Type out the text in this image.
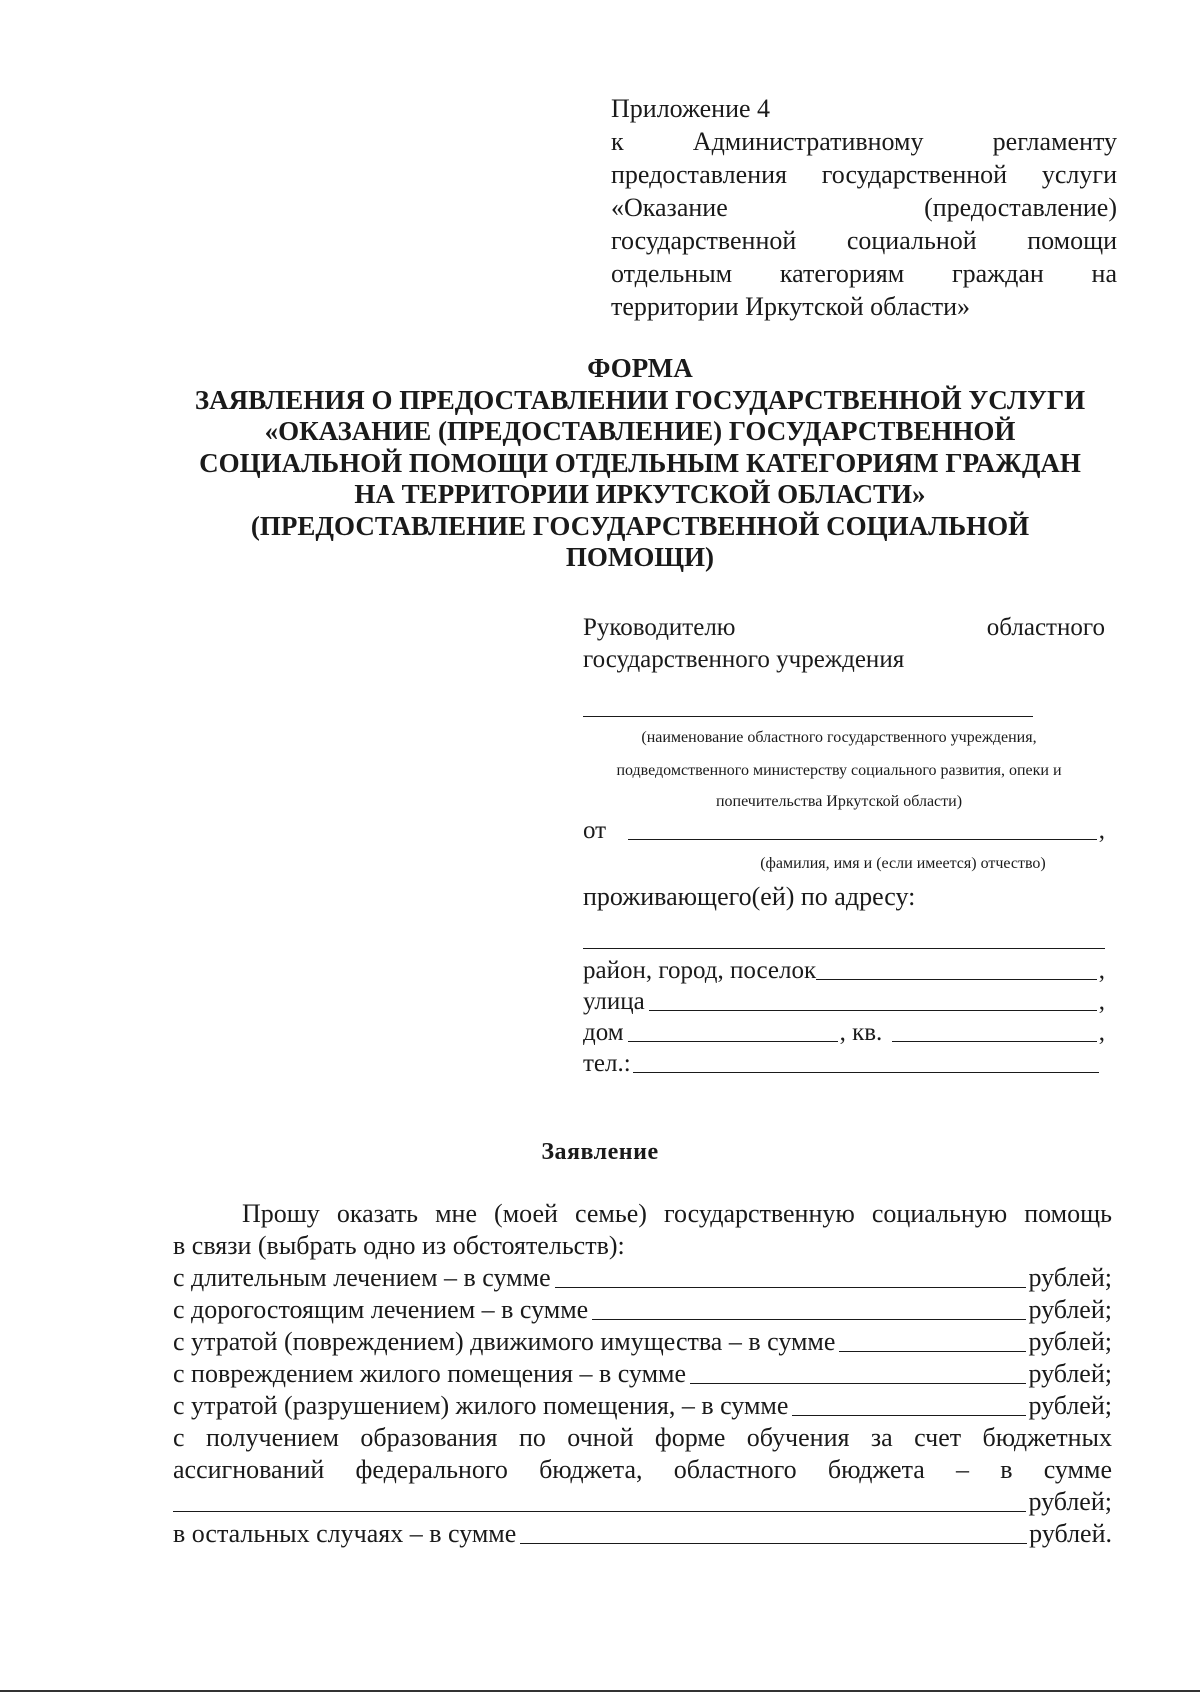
Приложение 4
к Административному регламенту
предоставления государственной услуги
«Оказание (предоставление)
государственной социальной помощи
отдельным категориям граждан на
территории Иркутской области»
ФОРМА
ЗАЯВЛЕНИЯ О ПРЕДОСТАВЛЕНИИ ГОСУДАРСТВЕННОЙ УСЛУГИ
«ОКАЗАНИЕ (ПРЕДОСТАВЛЕНИЕ) ГОСУДАРСТВЕННОЙ
СОЦИАЛЬНОЙ ПОМОЩИ ОТДЕЛЬНЫМ КАТЕГОРИЯМ ГРАЖДАН
НА ТЕРРИТОРИИ ИРКУТСКОЙ ОБЛАСТИ»
(ПРЕДОСТАВЛЕНИЕ ГОСУДАРСТВЕННОЙ СОЦИАЛЬНОЙ
ПОМОЩИ)
Руководителю	областного
государственного учреждения
(наименование областного государственного учреждения,
подведомственного министерству социального развития, опеки и
попечительства Иркутской области)
от	,
(фамилия, имя и (если имеется) отчество)
проживающего(ей) по адресу:
район, город, поселок	,
улица	,
дом	, кв.	,
тел.:
Заявление
Прошу оказать мне (моей семье) государственную социальную помощь
в связи (выбрать одно из обстоятельств):
с длительным лечением – в сумме	рублей;
с дорогостоящим лечением – в сумме	рублей;
с утратой (повреждением) движимого имущества – в сумме	рублей;
с повреждением жилого помещения – в сумме	рублей;
с утратой (разрушением) жилого помещения, – в сумме	рублей;
с получением образования по очной форме обучения за счет бюджетных
ассигнований федерального бюджета, областного бюджета – в сумме
рублей;
в остальных случаях – в сумме	рублей.
